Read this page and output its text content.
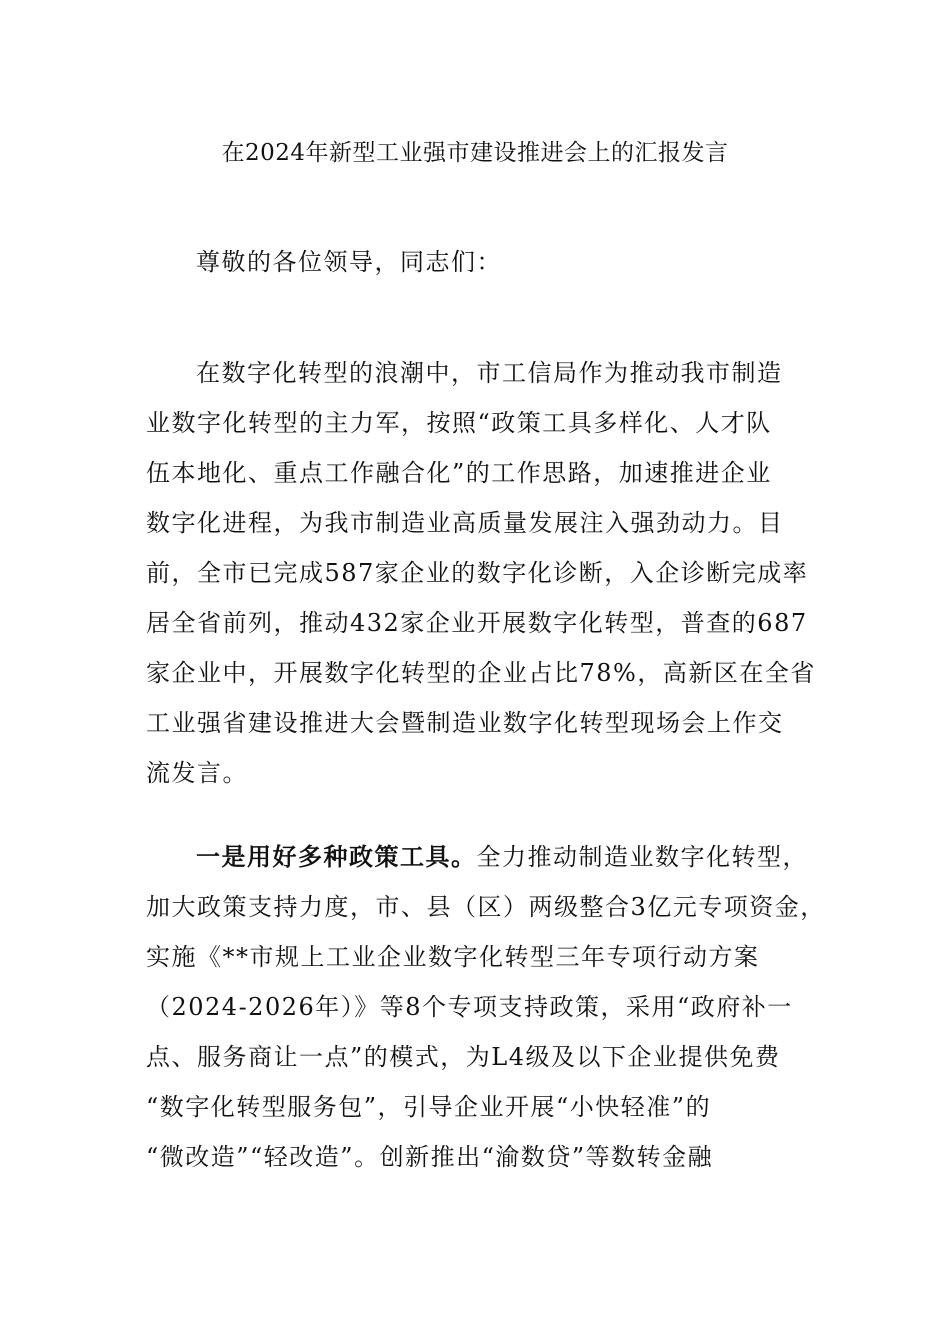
在2024年新型工业强市建设推进会上的汇报发言
尊敬的各位领导，同志们：
在数字化转型的浪潮中，市工信局作为推动我市制造
业数字化转型的主力军，按照“政策工具多样化、人才队
伍本地化、重点工作融合化”的工作思路，加速推进企业
数字化进程，为我市制造业高质量发展注入强劲动力。目
前，全市已完成587家企业的数字化诊断，入企诊断完成率
居全省前列，推动432家企业开展数字化转型，普查的687
家企业中，开展数字化转型的企业占比78%，高新区在全省
工业强省建设推进大会暨制造业数字化转型现场会上作交
流发言。
一是用好多种政策工具。全力推动制造业数字化转型，
加大政策支持力度，市、县（区）两级整合3亿元专项资金，
实施《**市规上工业企业数字化转型三年专项行动方案
（2024-2026年）》等8个专项支持政策，采用“政府补一
点、服务商让一点”的模式，为L4级及以下企业提供免费
“数字化转型服务包”，引导企业开展“小快轻准”的
“微改造”“轻改造”。创新推出“渝数贷”等数转金融
